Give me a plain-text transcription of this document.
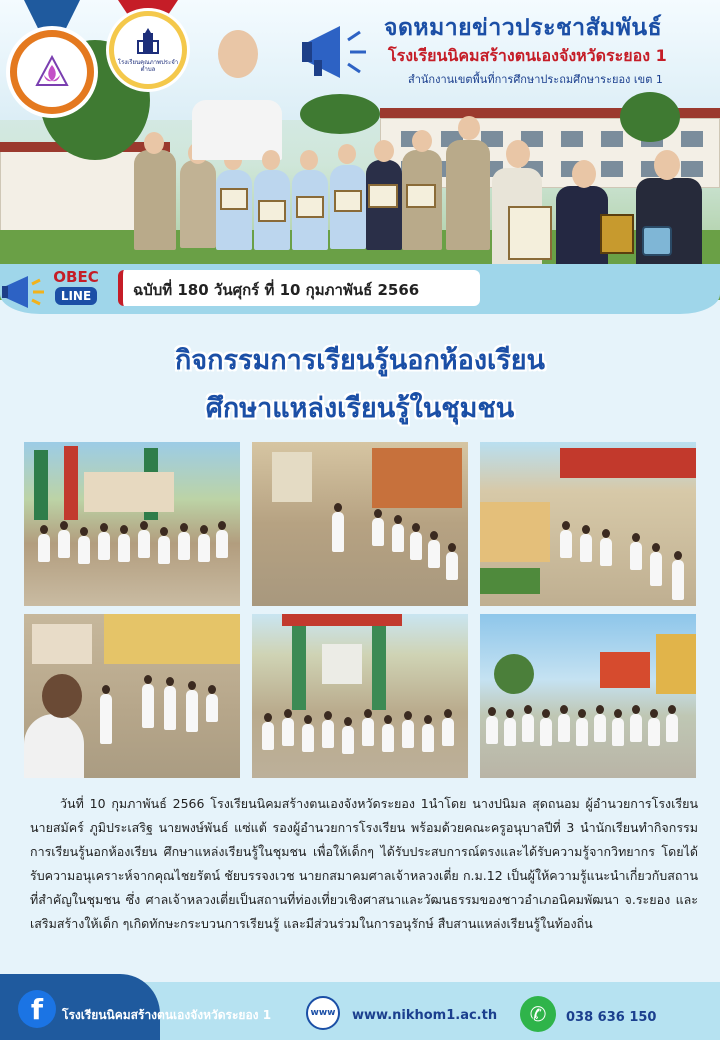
โรงเรียนคุณภาพประจำตำบล
จดหมายข่าวประชาสัมพันธ์
โรงเรียนนิคมสร้างตนเองจังหวัดระยอง 1
สำนักงานเขตพื้นที่การศึกษาประถมศึกษาระยอง เขต 1
OBEC
LINE	ฉบับที่ 180 วันศุกร์ ที่ 10 กุมภาพันธ์ 2566
กิจกรรมการเรียนรู้นอกห้องเรียน
ศึกษาแหล่งเรียนรู้ในชุมชน
วันที่ 10 กุมภาพันธ์ 2566 โรงเรียนนิคมสร้างตนเองจังหวัดระยอง 1นำโดย นางปนิมล สุดถนอม ผู้อำนวยการโรงเรียน นายสมัคร์ ภูมิประเสริฐ นายพงษ์พันธ์ แซ่แต้ รองผู้อำนวยการโรงเรียน พร้อมด้วยคณะครูอนุบาลปีที่ 3 นำนักเรียนทำกิจกรรมการเรียนรู้นอกห้องเรียน ศึกษาแหล่งเรียนรู้ในชุมชน เพื่อให้เด็กๆ ได้รับประสบการณ์ตรงและได้รับความรู้จากวิทยากร โดยได้รับความอนุเคราะห์จากคุณไชยรัตน์ ชัยบรรจงเวช นายกสมาคมศาลเจ้าหลวงเตี่ย ก.ม.12 เป็นผู้ให้ความรู้แนะนำเกี่ยวกับสถานที่สำคัญในชุมชน ซึ่ง ศาลเจ้าหลวงเตี่ยเป็นสถานที่ท่องเที่ยวเชิงศาสนาและวัฒนธรรมของชาวอำเภอนิคมพัฒนา จ.ระยอง และเสริมสร้างให้เด็ก ๆเกิดทักษะกระบวนการเรียนรู้ และมีส่วนร่วมในการอนุรักษ์ สืบสานแหล่งเรียนรู้ในท้องถิ่น
f	โรงเรียนนิคมสร้างตนเองจังหวัดระยอง 1	www	www.nikhom1.ac.th	✆	038 636 150
